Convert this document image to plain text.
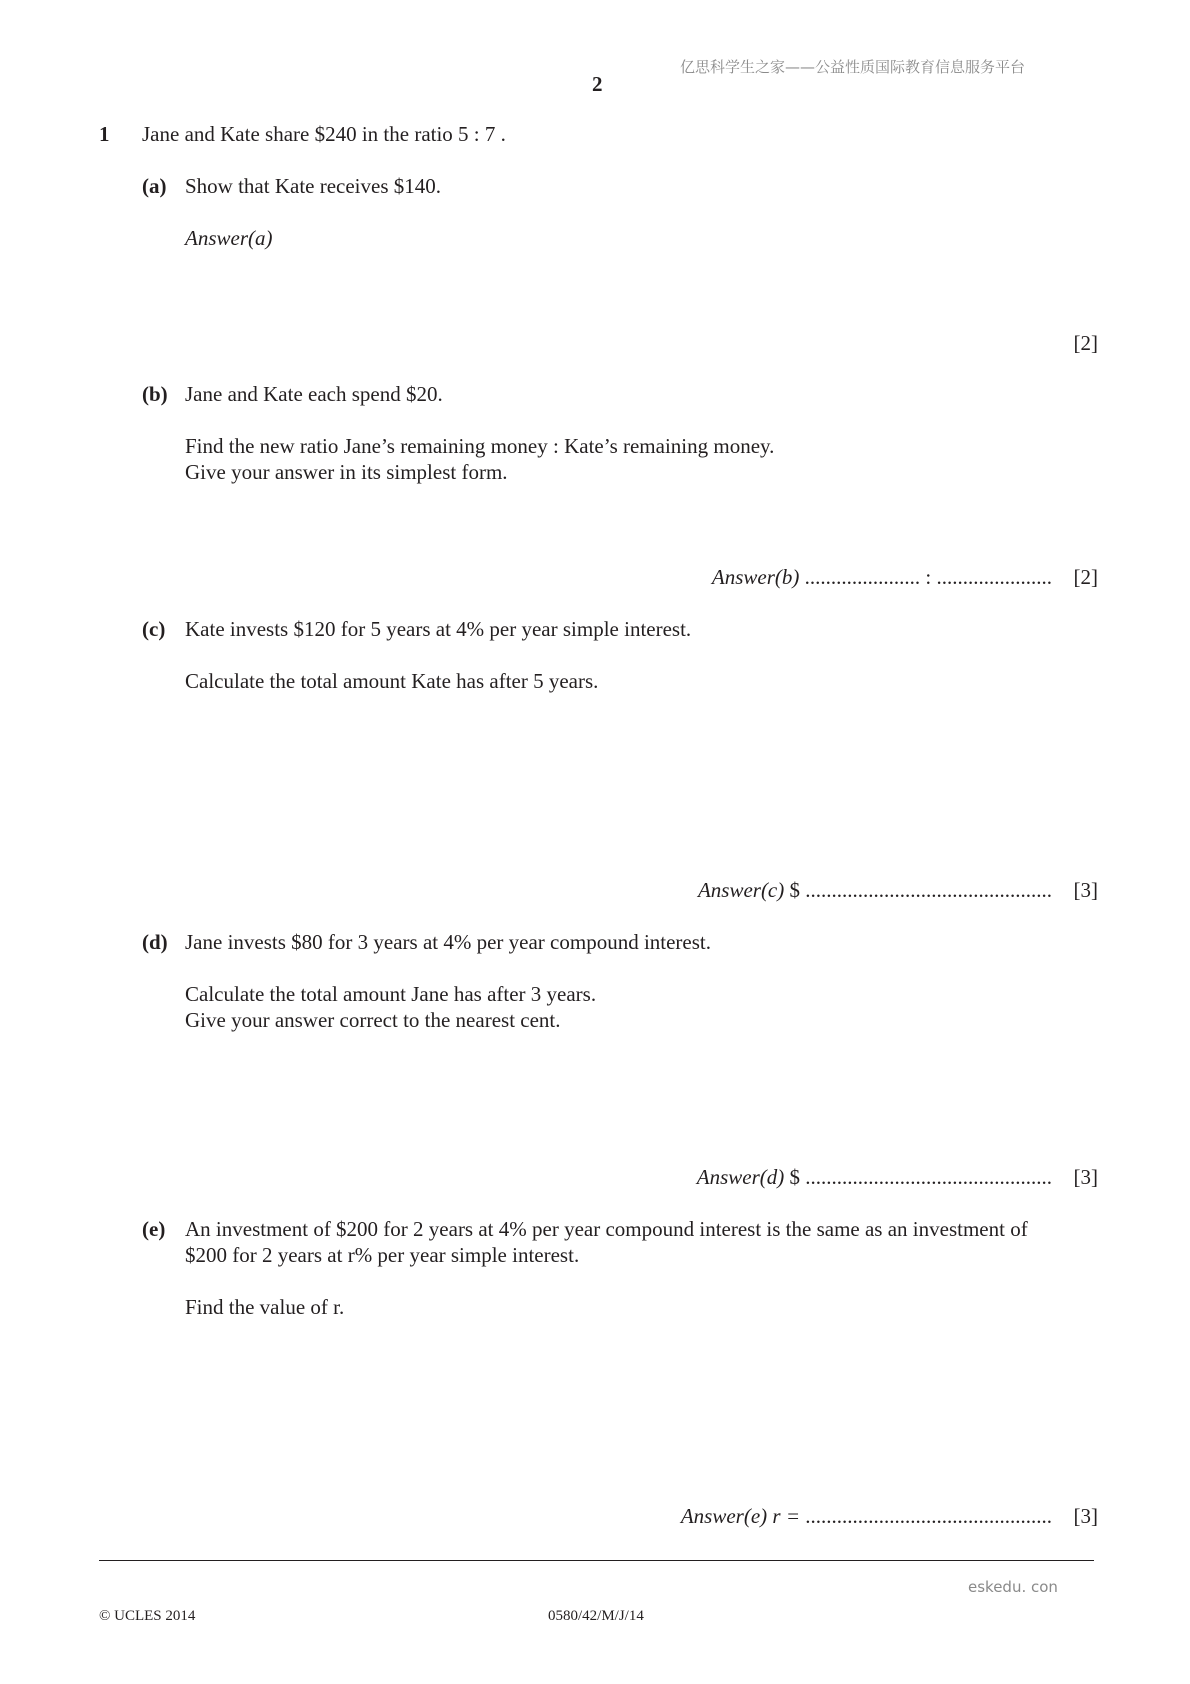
亿思科学生之家——公益性质国际教育信息服务平台
2
1 Jane and Kate share $240 in the ratio 5 : 7 .
(a) Show that Kate receives $140.
Answer(a)
[2]
(b) Jane and Kate each spend $20.
Find the new ratio Jane’s remaining money : Kate’s remaining money.
Give your answer in its simplest form.
Answer(b) ...................... : ...................... [2]
(c) Kate invests $120 for 5 years at 4% per year simple interest.
Calculate the total amount Kate has after 5 years.
Answer(c) $ ............................................... [3]
(d) Jane invests $80 for 3 years at 4% per year compound interest.
Calculate the total amount Jane has after 3 years.
Give your answer correct to the nearest cent.
Answer(d) $ ............................................... [3]
(e) An investment of $200 for 2 years at 4% per year compound interest is the same as an investment of
$200 for 2 years at r% per year simple interest.
Find the value of r.
Answer(e) r = ............................................... [3]
eskedu. con
© UCLES 2014	0580/42/M/J/14
